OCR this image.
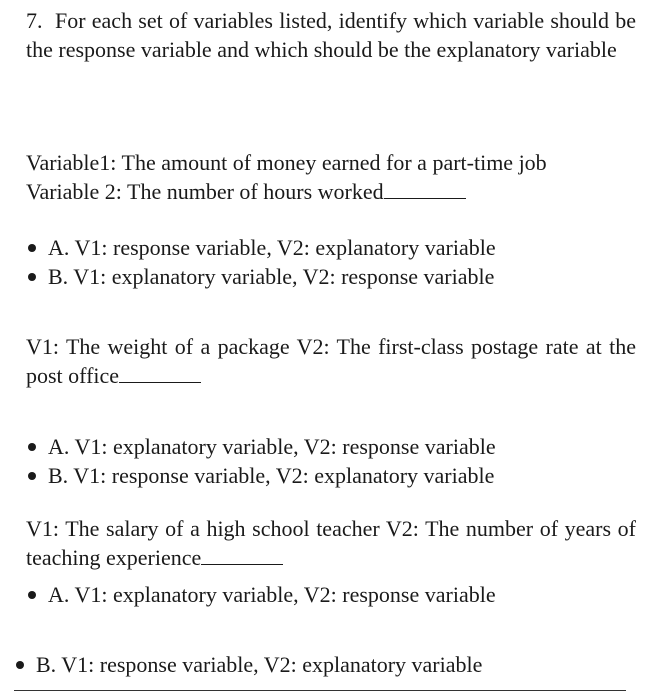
7. For each set of variables listed, identify which variable should be the response variable and which should be the explanatory variable
Variable1: The amount of money earned for a part-time job
Variable 2: The number of hours worked
A. V1: response variable, V2: explanatory variable
B. V1: explanatory variable, V2: response variable
V1: The weight of a package V2: The first-class postage rate at the post office
A. V1: explanatory variable, V2: response variable
B. V1: response variable, V2: explanatory variable
V1: The salary of a high school teacher V2: The number of years of teaching experience
A. V1: explanatory variable, V2: response variable
B. V1: response variable, V2: explanatory variable
